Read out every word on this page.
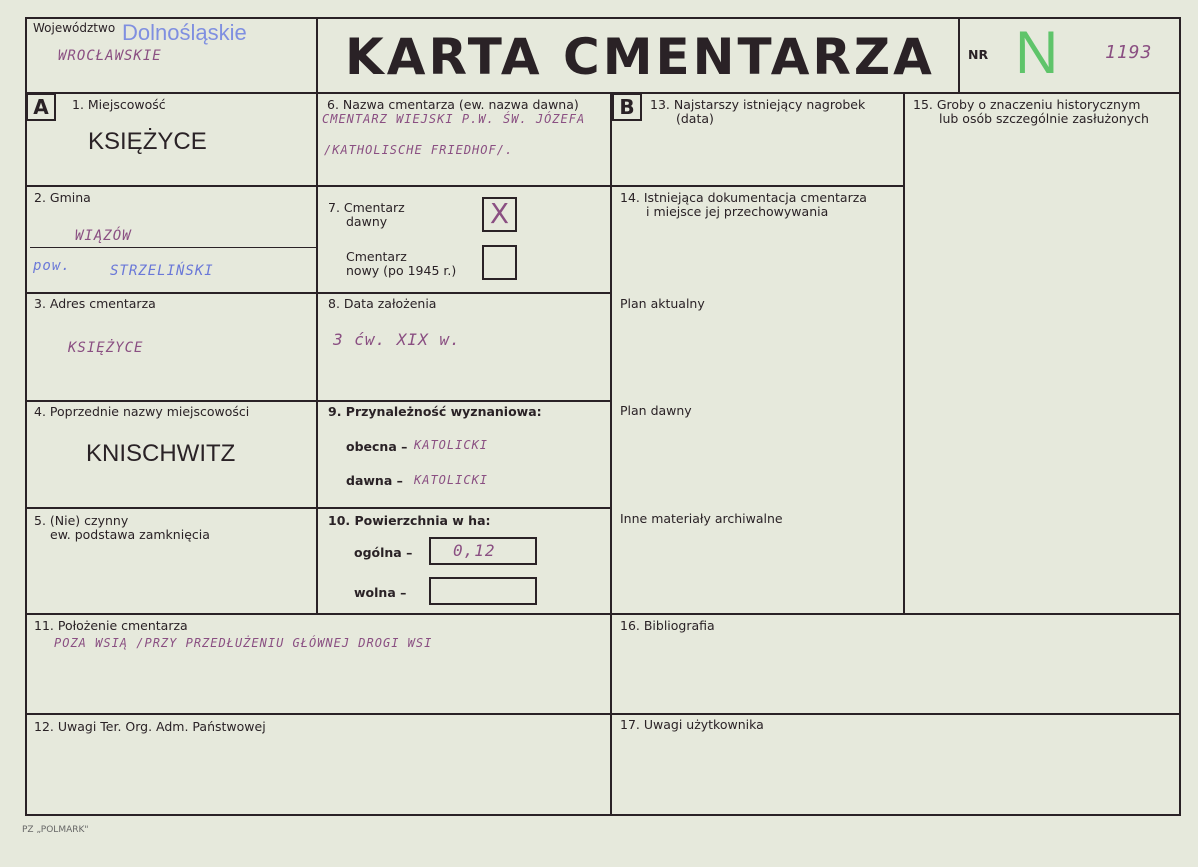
Województwo Dolnośląskie
WROCŁAWSKIE	KARTA CMENTARZA	NR N	1193
A	B
1. Miejscowość
KSIĘŻYCE
2. Gmina
WIĄZÓW
pow.	STRZELIŃSKI
3. Adres cmentarza
KSIĘŻYCE
4. Poprzednie nazwy miejscowości
KNISCHWITZ
5. (Nie) czynny
ew. podstawa zamknięcia
6. Nazwa cmentarza (ew. nazwa dawna)
CMENTARZ WIEJSKI P.W. ŚW. JÓZEFA
/KATHOLISCHE FRIEDHOF/.
7. Cmentarz
dawny	X
Cmentarz
nowy (po 1945 r.)
8. Data założenia
3 ćw. XIX w.
9. Przynależność wyznaniowa:
obecna – KATOLICKI
dawna – KATOLICKI
10. Powierzchnia w ha:
ogólna –	0,12
wolna –
13. Najstarszy istniejący nagrobek
(data)
14. Istniejąca dokumentacja cmentarza
i miejsce jej przechowywania
Plan aktualny
Plan dawny
Inne materiały archiwalne
15. Groby o znaczeniu historycznym
lub osób szczególnie zasłużonych
11. Położenie cmentarza
POZA WSIĄ /PRZY PRZEDŁUŻENIU GŁÓWNEJ DROGI WSI
12. Uwagi Ter. Org. Adm. Państwowej
16. Bibliografia
17. Uwagi użytkownika
PZ „POLMARK"
